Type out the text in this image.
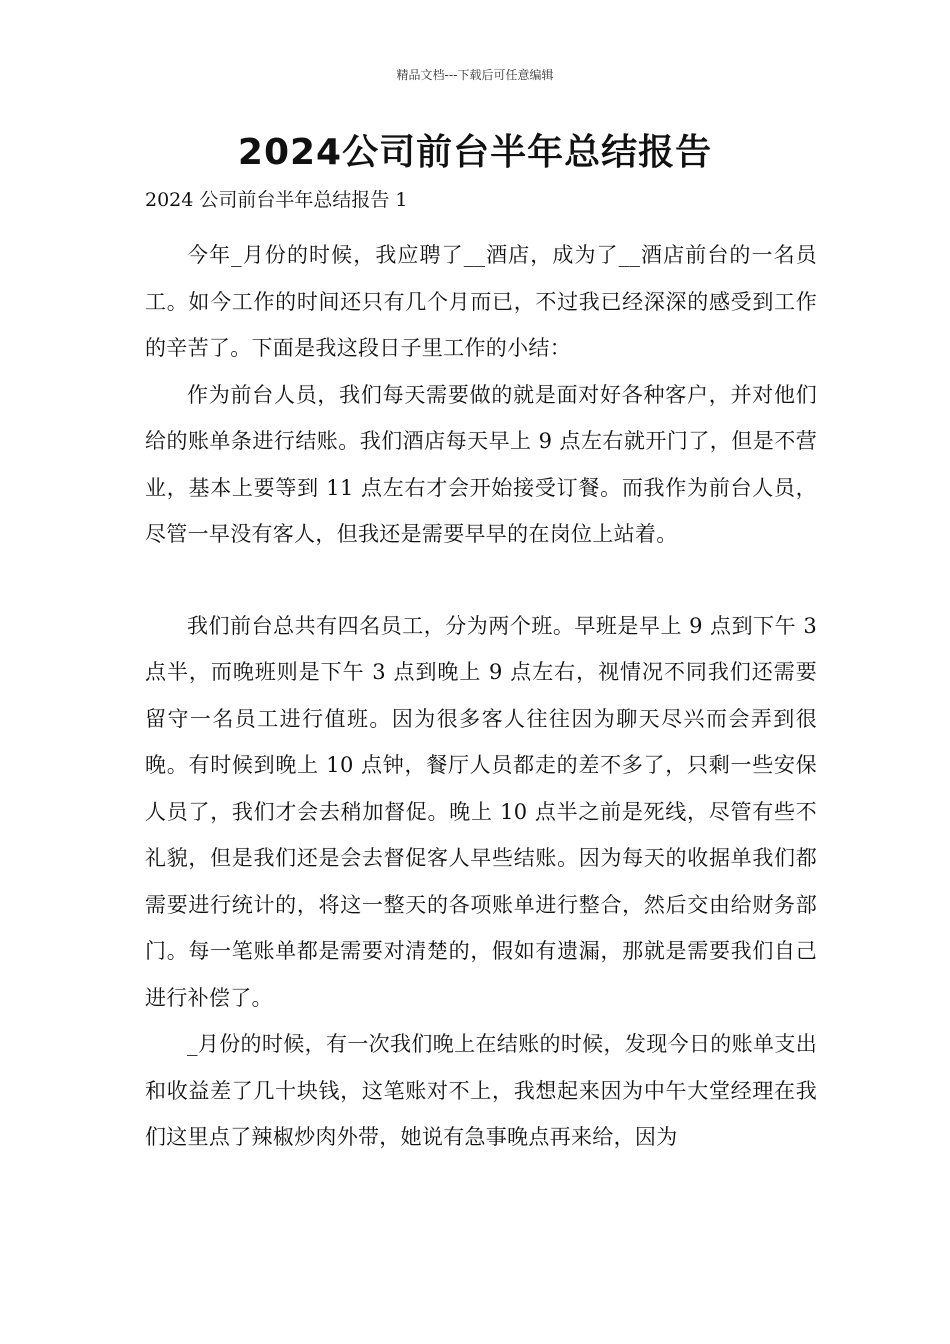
精品文档---下载后可任意编辑
2024公司前台半年总结报告

2024 公司前台半年总结报告 1

今年_月份的时候，我应聘了__酒店，成为了__酒店前台的一名员工。如今工作的时间还只有几个月而已，不过我已经深深的感受到工作的辛苦了。下面是我这段日子里工作的小结：

作为前台人员，我们每天需要做的就是面对好各种客户，并对他们给的账单条进行结账。我们酒店每天早上 9 点左右就开门了，但是不营业，基本上要等到 11 点左右才会开始接受订餐。而我作为前台人员，尽管一早没有客人，但我还是需要早早的在岗位上站着。

我们前台总共有四名员工，分为两个班。早班是早上 9 点到下午 3 点半，而晚班则是下午 3 点到晚上 9 点左右，视情况不同我们还需要留守一名员工进行值班。因为很多客人往往因为聊天尽兴而会弄到很晚。有时候到晚上 10 点钟，餐厅人员都走的差不多了，只剩一些安保人员了，我们才会去稍加督促。晚上 10 点半之前是死线，尽管有些不礼貌，但是我们还是会去督促客人早些结账。因为每天的收据单我们都需要进行统计的，将这一整天的各项账单进行整合，然后交由给财务部门。每一笔账单都是需要对清楚的，假如有遗漏，那就是需要我们自己进行补偿了。

_月份的时候，有一次我们晚上在结账的时候，发现今日的账单支出和收益差了几十块钱，这笔账对不上，我想起来因为中午大堂经理在我们这里点了辣椒炒肉外带，她说有急事晚点再来给，因为
